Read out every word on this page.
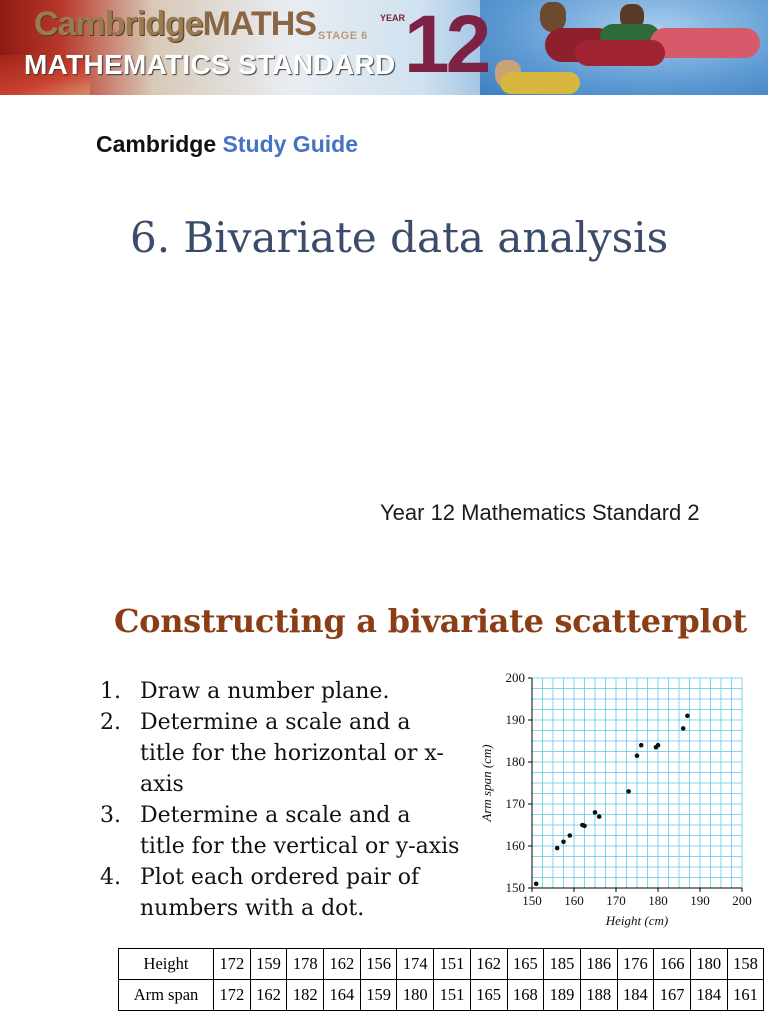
CambridgeMATHS STAGE 6
MATHEMATICS STANDARD
YEAR
12
Cambridge Study Guide
6. Bivariate data analysis
Year 12 Mathematics Standard 2
Constructing a bivariate scatterplot
1. Draw a number plane.
2. Determine a scale and a title for the horizontal or x-axis
3. Determine a scale and a title for the vertical or y-axis
4. Plot each ordered pair of numbers with a dot.	150 160 170 180 190 200
150
160
170
180
190
200
Height (cm)
Arm span (cm)
Height	172	159	178	162	156	174	151	162	165	185	186	176	166	180	158
Arm span	172	162	182	164	159	180	151	165	168	189	188	184	167	184	161
